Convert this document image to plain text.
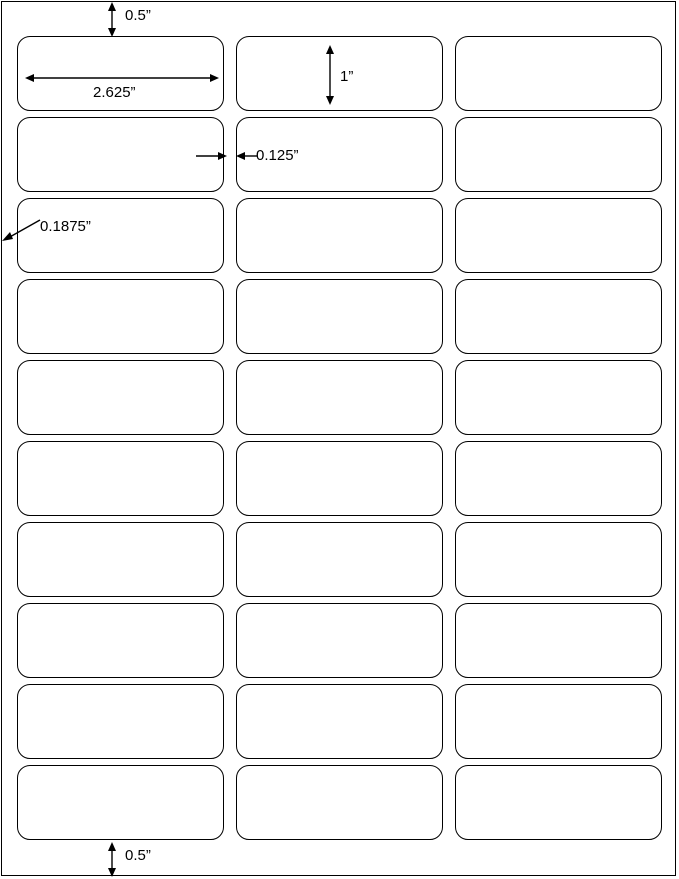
0.5”
2.625”
1”
0.125”
0.1875”
0.5”
